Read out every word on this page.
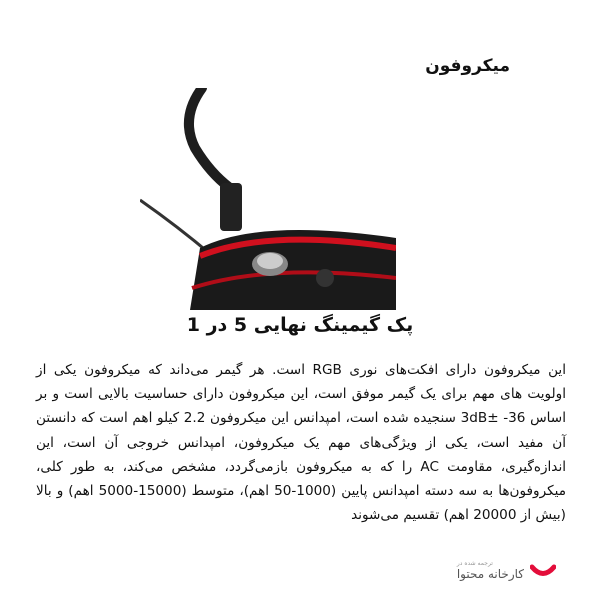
میکروفون
پک گیمینگ نهایی 5 در 1
این میکروفون دارای افکت‌های نوری RGB است. هر گیمر می‌داند که میکروفون یکی از اولویت های مهم برای یک گیمر موفق است، این میکروفون دارای حساسیت بالایی است و بر اساس 36- ±3dB سنجیده شده است، امپدانس این میکروفون 2.2 کیلو اهم است که دانستن آن مفید است، یکی از ویژگی‌های مهم یک میکروفون، امپدانس خروجی آن است، این اندازه‌گیری، مقاومت AC را که به میکروفون بازمی‌گردد، مشخص می‌کند، به طور کلی، میکروفون‌ها به سه دسته امپدانس پایین (1000-50 اهم)، متوسط (15000-5000 اهم) و بالا (بیش از 20000 اهم) تقسیم می‌شوند
ترجمه شده در
کارخانه محتوا
